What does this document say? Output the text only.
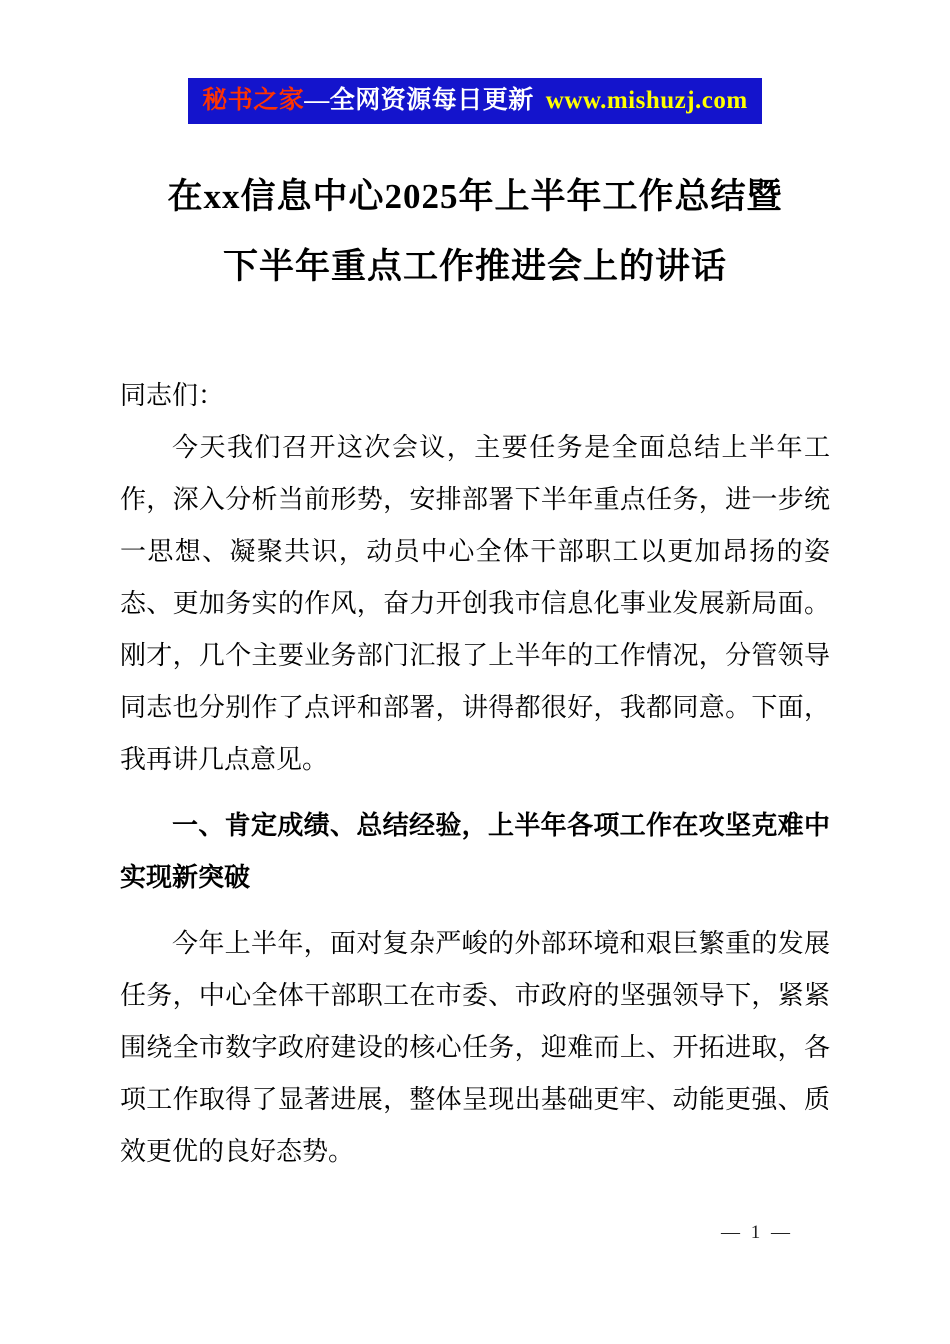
秘书之家—全网资源每日更新 www.mishuzj.com
在xx信息中心2025年上半年工作总结暨
下半年重点工作推进会上的讲话

同志们：

今天我们召开这次会议，主要任务是全面总结上半年工作，深入分析当前形势，安排部署下半年重点任务，进一步统一思想、凝聚共识，动员中心全体干部职工以更加昂扬的姿态、更加务实的作风，奋力开创我市信息化事业发展新局面。刚才，几个主要业务部门汇报了上半年的工作情况，分管领导同志也分别作了点评和部署，讲得都很好，我都同意。下面，我再讲几点意见。

一、肯定成绩、总结经验，上半年各项工作在攻坚克难中实现新突破

今年上半年，面对复杂严峻的外部环境和艰巨繁重的发展任务，中心全体干部职工在市委、市政府的坚强领导下，紧紧围绕全市数字政府建设的核心任务，迎难而上、开拓进取，各项工作取得了显著进展，整体呈现出基础更牢、动能更强、质效更优的良好态势。

— 1 —
